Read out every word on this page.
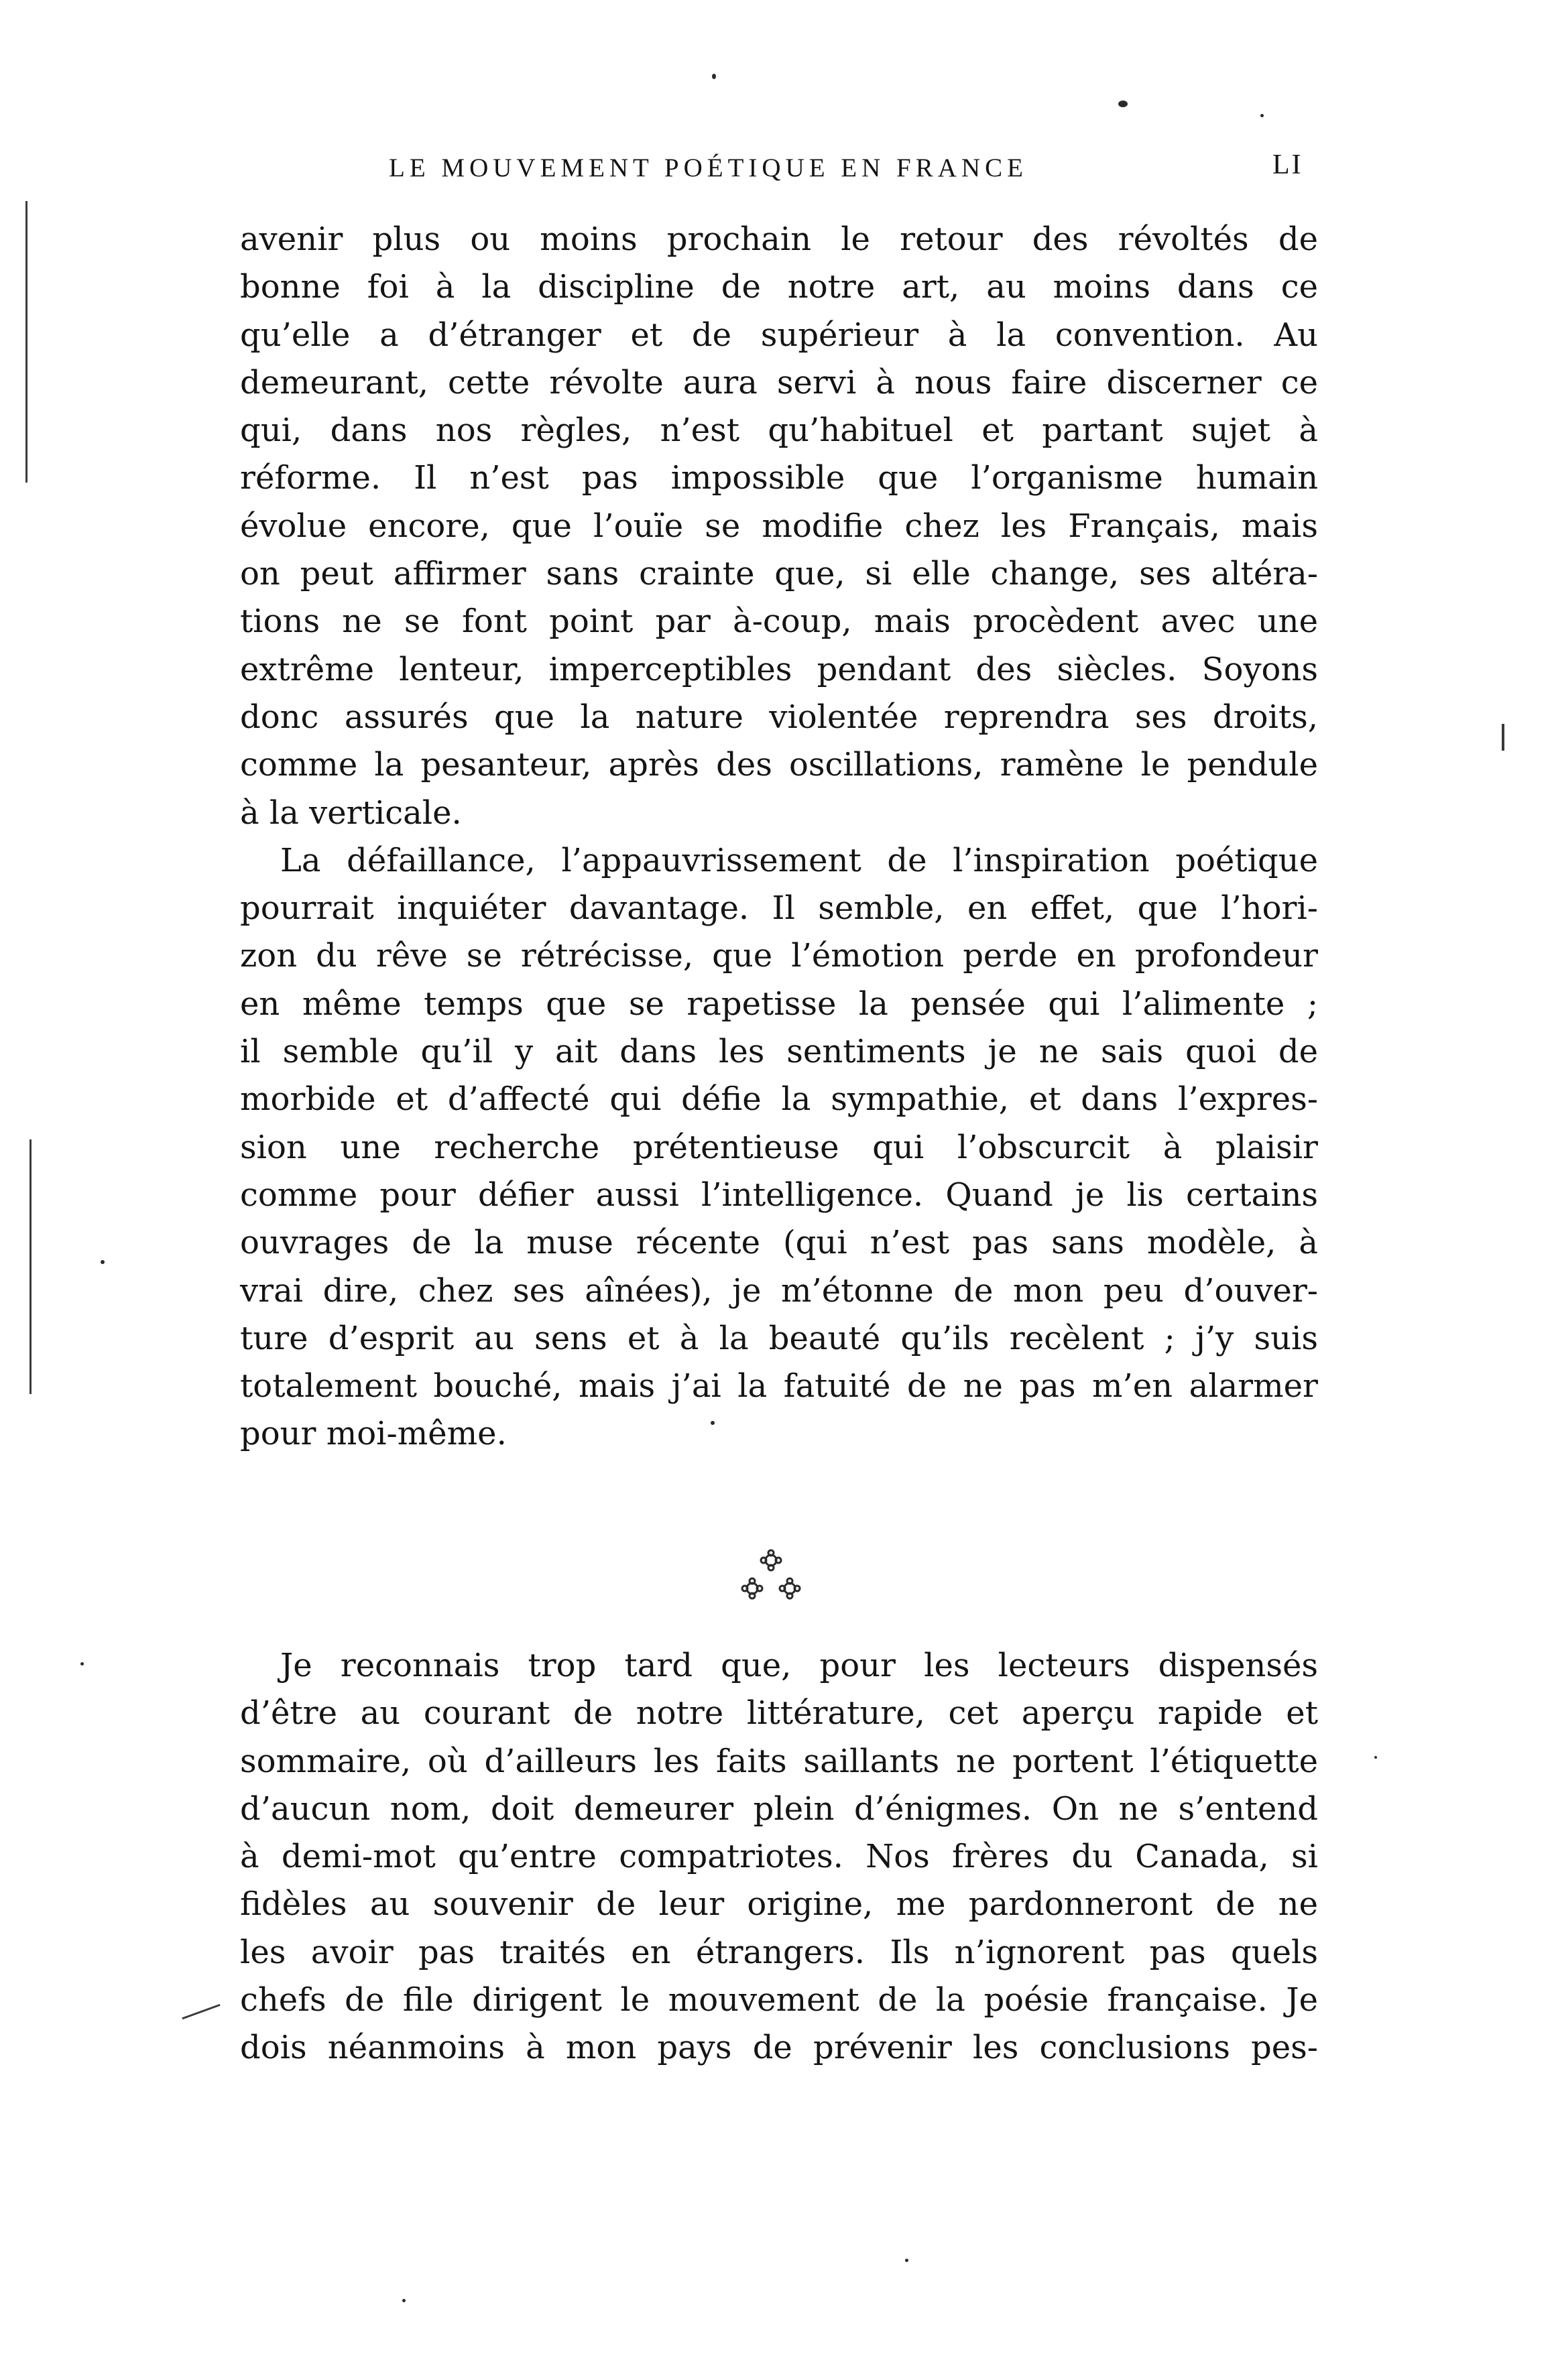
LE MOUVEMENT POÉTIQUE EN FRANCE	LI
avenir plus ou moins prochain le retour des révoltés de
bonne foi à la discipline de notre art, au moins dans ce
qu’elle a d’étranger et de supérieur à la convention. Au
demeurant, cette révolte aura servi à nous faire discerner ce
qui, dans nos règles, n’est qu’habituel et partant sujet à
réforme. Il n’est pas impossible que l’organisme humain
évolue encore, que l’ouïe se modifie chez les Français, mais
on peut affirmer sans crainte que, si elle change, ses altéra-
tions ne se font point par à-coup, mais procèdent avec une
extrême lenteur, imperceptibles pendant des siècles. Soyons
donc assurés que la nature violentée reprendra ses droits,
comme la pesanteur, après des oscillations, ramène le pendule
à la verticale.
La défaillance, l’appauvrissement de l’inspiration poétique
pourrait inquiéter davantage. Il semble, en effet, que l’hori-
zon du rêve se rétrécisse, que l’émotion perde en profondeur
en même temps que se rapetisse la pensée qui l’alimente ;
il semble qu’il y ait dans les sentiments je ne sais quoi de
morbide et d’affecté qui défie la sympathie, et dans l’expres-
sion une recherche prétentieuse qui l’obscurcit à plaisir
comme pour défier aussi l’intelligence. Quand je lis certains
ouvrages de la muse récente (qui n’est pas sans modèle, à
vrai dire, chez ses aînées), je m’étonne de mon peu d’ouver-
ture d’esprit au sens et à la beauté qu’ils recèlent ; j’y suis
totalement bouché, mais j’ai la fatuité de ne pas m’en alarmer
pour moi-même.
Je reconnais trop tard que, pour les lecteurs dispensés
d’être au courant de notre littérature, cet aperçu rapide et
sommaire, où d’ailleurs les faits saillants ne portent l’étiquette
d’aucun nom, doit demeurer plein d’énigmes. On ne s’entend
à demi-mot qu’entre compatriotes. Nos frères du Canada, si
fidèles au souvenir de leur origine, me pardonneront de ne
les avoir pas traités en étrangers. Ils n’ignorent pas quels
chefs de file dirigent le mouvement de la poésie française. Je
dois néanmoins à mon pays de prévenir les conclusions pes-
